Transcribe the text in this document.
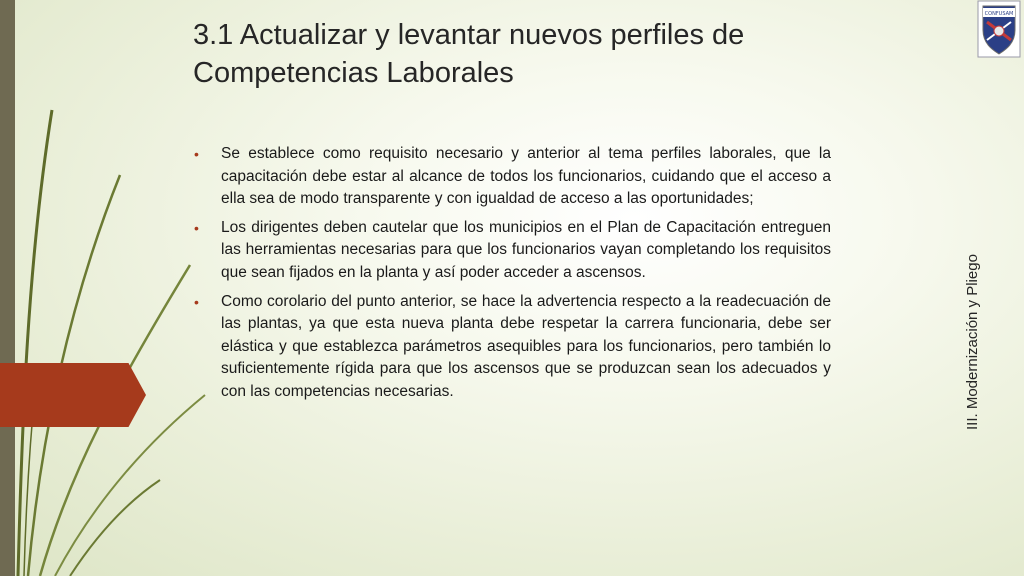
3.1 Actualizar y levantar nuevos perfiles de
Competencias Laborales
• Se establece como requisito necesario y anterior al tema perfiles laborales, que la capacitación debe estar al alcance de todos los funcionarios, cuidando que el acceso a ella sea de modo transparente y con igualdad de acceso a las oportunidades;
• Los dirigentes deben cautelar que los municipios en el Plan de Capacitación entreguen las herramientas necesarias para que los funcionarios vayan completando los requisitos que sean fijados en la planta y así poder acceder a ascensos.
• Como corolario del punto anterior, se hace la advertencia respecto a la readecuación de las plantas, ya que esta nueva planta debe respetar la carrera funcionaria, debe ser elástica y que establezca parámetros asequibles para los funcionarios, pero también lo suficientemente rígida para que los ascensos que se produzcan sean los adecuados y con las competencias necesarias.	III. Modernización y Pliego
CONFUSAM
